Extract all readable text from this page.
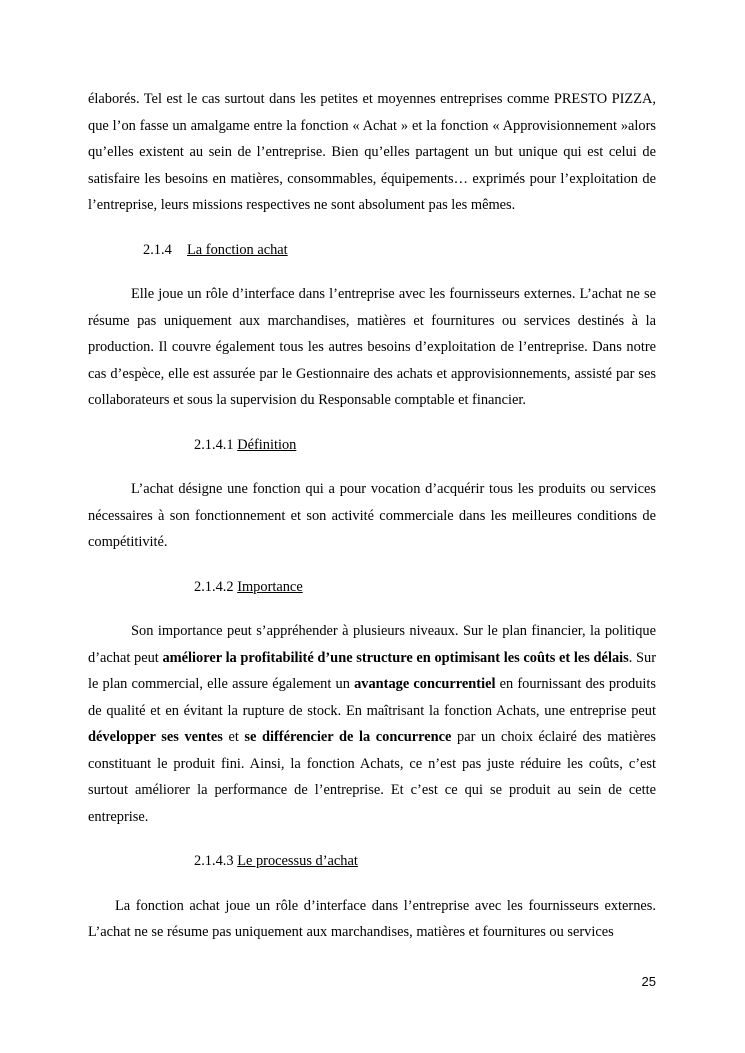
élaborés. Tel est le cas surtout dans les petites et moyennes entreprises comme PRESTO PIZZA, que l’on fasse un amalgame entre la fonction « Achat » et la fonction « Approvisionnement »alors qu’elles existent au sein de l’entreprise. Bien qu’elles partagent un but unique qui est celui de satisfaire les besoins en matières, consommables, équipements… exprimés pour l’exploitation de l’entreprise, leurs missions respectives ne sont absolument pas les mêmes.

2.1.4 La fonction achat

Elle joue un rôle d’interface dans l’entreprise avec les fournisseurs externes. L’achat ne se résume pas uniquement aux marchandises, matières et fournitures ou services destinés à la production. Il couvre également tous les autres besoins d’exploitation de l’entreprise. Dans notre cas d’espèce, elle est assurée par le Gestionnaire des achats et approvisionnements, assisté par ses collaborateurs et sous la supervision du Responsable comptable et financier.

2.1.4.1 Définition

L’achat désigne une fonction qui a pour vocation d’acquérir tous les produits ou services nécessaires à son fonctionnement et son activité commerciale dans les meilleures conditions de compétitivité.

2.1.4.2 Importance

Son importance peut s’appréhender à plusieurs niveaux. Sur le plan financier, la politique d’achat peut améliorer la profitabilité d’une structure en optimisant les coûts et les délais. Sur le plan commercial, elle assure également un avantage concurrentiel en fournissant des produits de qualité et en évitant la rupture de stock. En maîtrisant la fonction Achats, une entreprise peut développer ses ventes et se différencier de la concurrence par un choix éclairé des matières constituant le produit fini. Ainsi, la fonction Achats, ce n’est pas juste réduire les coûts, c’est surtout améliorer la performance de l’entreprise. Et c’est ce qui se produit au sein de cette entreprise.

2.1.4.3 Le processus d’achat

La fonction achat joue un rôle d’interface dans l’entreprise avec les fournisseurs externes. L’achat ne se résume pas uniquement aux marchandises, matières et fournitures ou services

25
